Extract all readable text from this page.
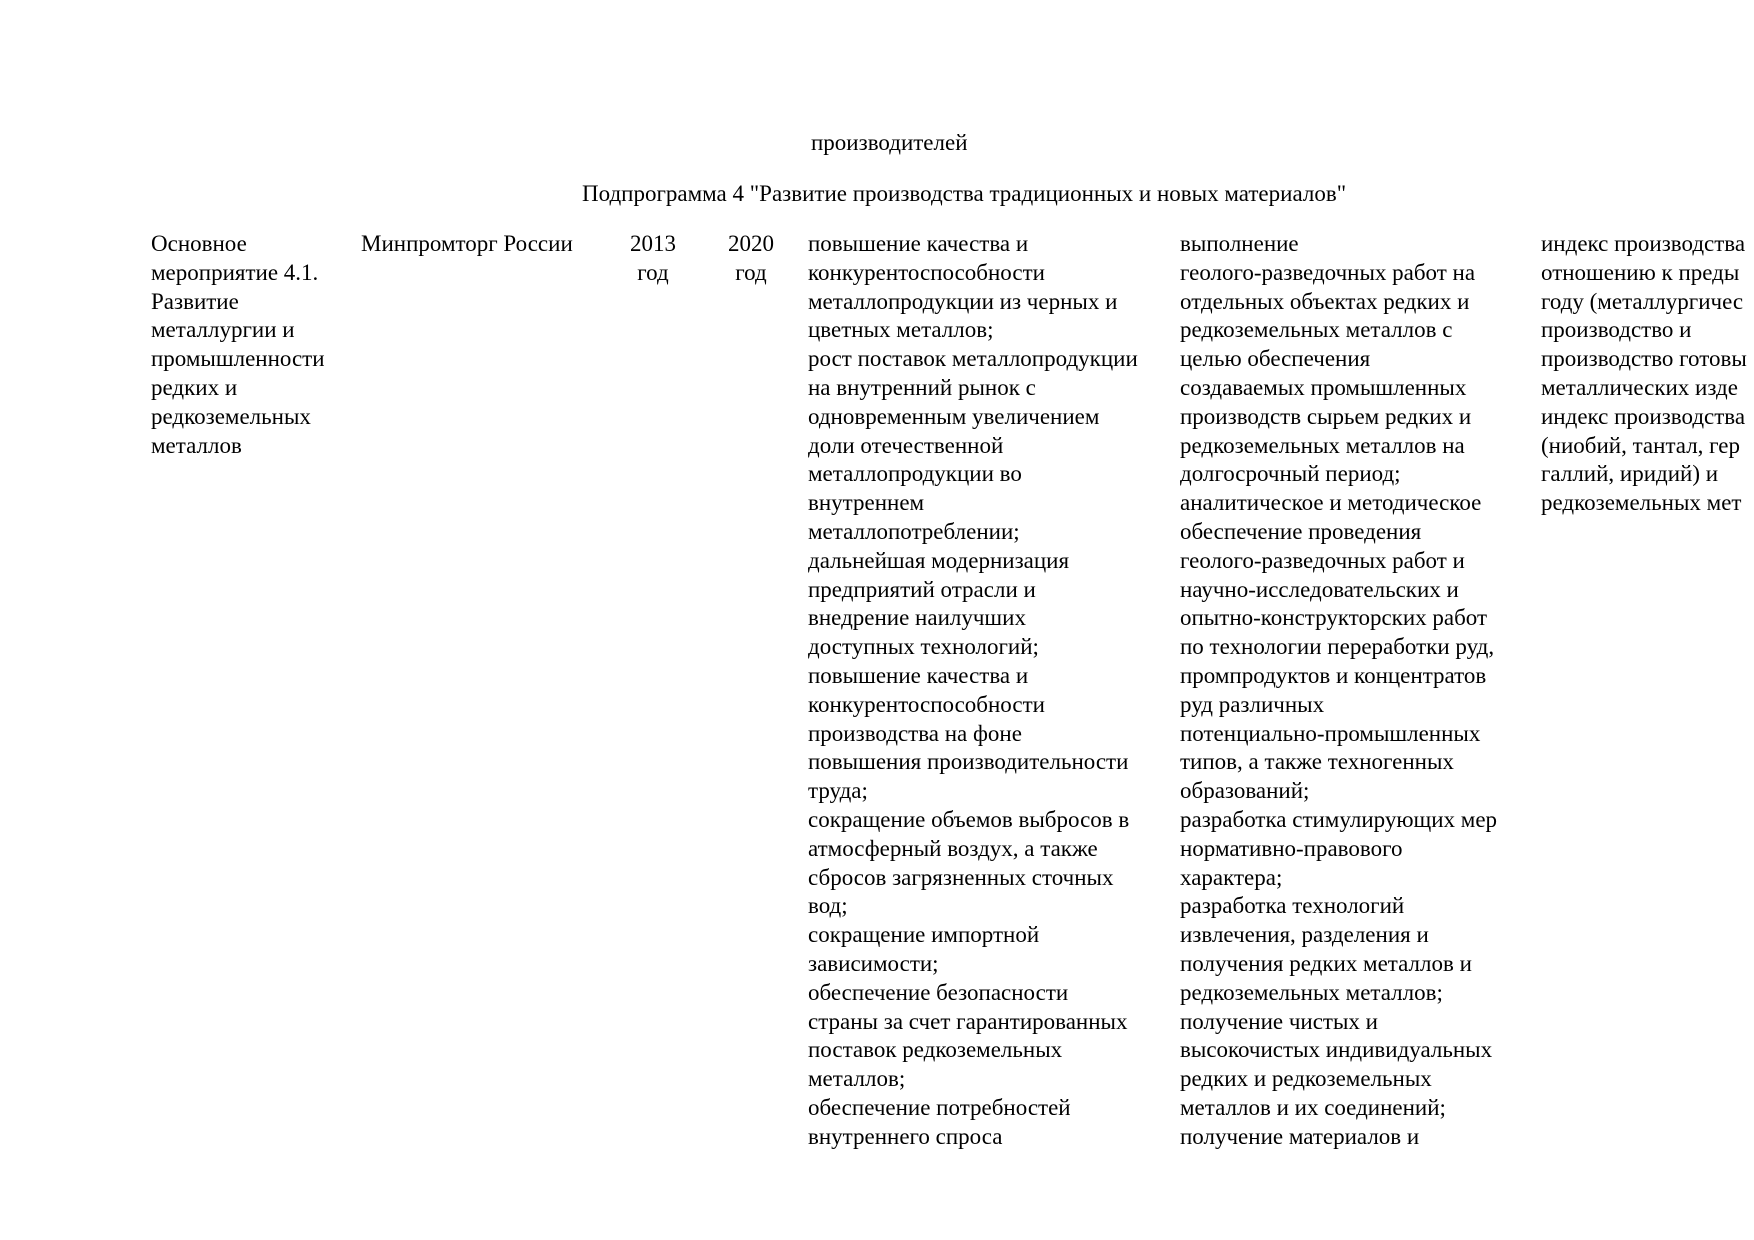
производителей
Подпрограмма 4 "Развитие производства традиционных и новых материалов"
Основное
мероприятие 4.1.
Развитие
металлургии и
промышленности
редких и
редкоземельных
металлов
Минпромторг России	2013
год
2020
год
повышение качества и
конкурентоспособности
металлопродукции из черных и
цветных металлов;
рост поставок металлопродукции
на внутренний рынок с
одновременным увеличением
доли отечественной
металлопродукции во
внутреннем
металлопотреблении;
дальнейшая модернизация
предприятий отрасли и
внедрение наилучших
доступных технологий;
повышение качества и
конкурентоспособности
производства на фоне
повышения производительности
труда;
сокращение объемов выбросов в
атмосферный воздух, а также
сбросов загрязненных сточных
вод;
сокращение импортной
зависимости;
обеспечение безопасности
страны за счет гарантированных
поставок редкоземельных
металлов;
обеспечение потребностей
внутреннего спроса
выполнение
геолого-разведочных работ на
отдельных объектах редких и
редкоземельных металлов с
целью обеспечения
создаваемых промышленных
производств сырьем редких и
редкоземельных металлов на
долгосрочный период;
аналитическое и методическое
обеспечение проведения
геолого-разведочных работ и
научно-исследовательских и
опытно-конструкторских работ
по технологии переработки руд,
промпродуктов и концентратов
руд различных
потенциально-промышленных
типов, а также техногенных
образований;
разработка стимулирующих мер
нормативно-правового
характера;
разработка технологий
извлечения, разделения и
получения редких металлов и
редкоземельных металлов;
получение чистых и
высокочистых индивидуальных
редких и редкоземельных
металлов и их соединений;
получение материалов и
индекс производства
отношению к преды
году (металлургичес
производство и
производство готовы
металлических изде
индекс производства
(ниобий, тантал, гер
галлий, иридий) и
редкоземельных мет
